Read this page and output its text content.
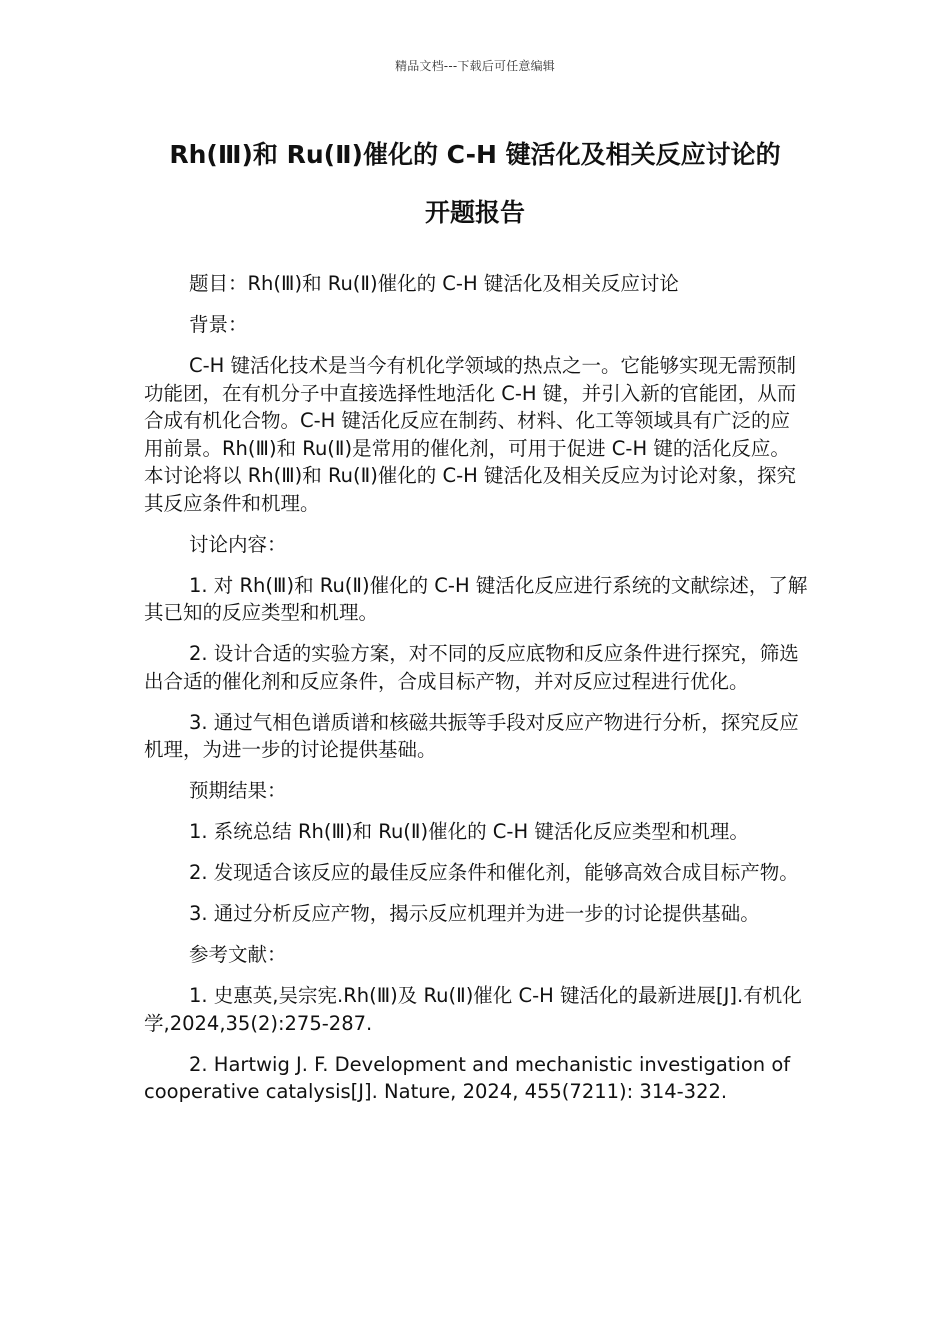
精品文档---下载后可任意编辑
Rh(Ⅲ)和 Ru(Ⅱ)催化的 C-H 键活化及相关反应讨论的
开题报告

题目：Rh(Ⅲ)和 Ru(Ⅱ)催化的 C-H 键活化及相关反应讨论

背景：

C-H 键活化技术是当今有机化学领域的热点之一。它能够实现无需预制功能团，在有机分子中直接选择性地活化 C-H 键，并引入新的官能团，从而合成有机化合物。C-H 键活化反应在制药、材料、化工等领域具有广泛的应用前景。Rh(Ⅲ)和 Ru(Ⅱ)是常用的催化剂，可用于促进 C-H 键的活化反应。本讨论将以 Rh(Ⅲ)和 Ru(Ⅱ)催化的 C-H 键活化及相关反应为讨论对象，探究其反应条件和机理。

讨论内容：

1. 对 Rh(Ⅲ)和 Ru(Ⅱ)催化的 C-H 键活化反应进行系统的文献综述，了解其已知的反应类型和机理。

2. 设计合适的实验方案，对不同的反应底物和反应条件进行探究，筛选出合适的催化剂和反应条件，合成目标产物，并对反应过程进行优化。

3. 通过气相色谱质谱和核磁共振等手段对反应产物进行分析，探究反应机理，为进一步的讨论提供基础。

预期结果：

1. 系统总结 Rh(Ⅲ)和 Ru(Ⅱ)催化的 C-H 键活化反应类型和机理。

2. 发现适合该反应的最佳反应条件和催化剂，能够高效合成目标产物。

3. 通过分析反应产物，揭示反应机理并为进一步的讨论提供基础。

参考文献：

1. 史惠英,吴宗宪.Rh(Ⅲ)及 Ru(Ⅱ)催化 C-H 键活化的最新进展[J].有机化学,2024,35(2):275-287.

2. Hartwig J. F. Development and mechanistic investigation of cooperative catalysis[J]. Nature, 2024, 455(7211): 314-322.
